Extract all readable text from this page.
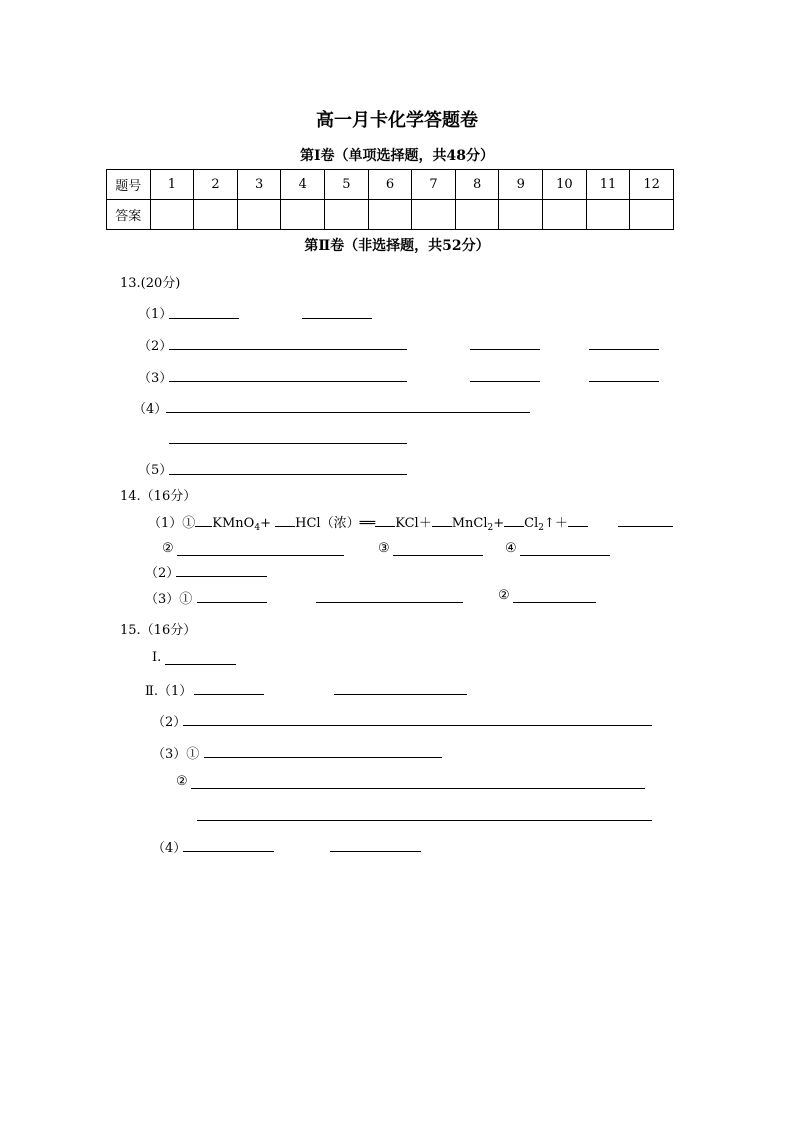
高一月卡化学答题卷
第Ⅰ卷（单项选择题，共48分）
题号	1	2	3	4	5	6	7	8	9	10	11	12
答案												
第Ⅱ卷（非选择题，共52分）
13.(20分)
（1）
（2）
（3）
（4）
（5）
14.（16分）
（1）① KMnO$_4$+ HCl（浓）══ KCl＋ MnCl$_2$+ $Cl_2↑+$
②	③	④
（2）
（3）①	②
15.（16分）
Ⅰ.
Ⅱ.（1）
（2）
（3）①
②
（4）
